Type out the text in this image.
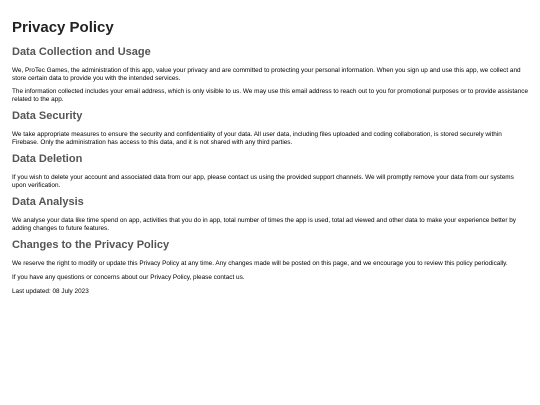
Privacy Policy
Data Collection and Usage

We, ProTec Games, the administration of this app, value your privacy and are committed to protecting your personal information. When you sign up and use this app, we collect and store certain data to provide you with the intended services.

The information collected includes your email address, which is only visible to us. We may use this email address to reach out to you for promotional purposes or to provide assistance related to the app.

Data Security

We take appropriate measures to ensure the security and confidentiality of your data. All user data, including files uploaded and coding collaboration, is stored securely within Firebase. Only the administration has access to this data, and it is not shared with any third parties.

Data Deletion

If you wish to delete your account and associated data from our app, please contact us using the provided support channels. We will promptly remove your data from our systems upon verification.

Data Analysis

We analyse your data like time spend on app, activities that you do in app, total number of times the app is used, total ad viewed and other data to make your experience better by adding changes to future features.

Changes to the Privacy Policy

We reserve the right to modify or update this Privacy Policy at any time. Any changes made will be posted on this page, and we encourage you to review this policy periodically.

If you have any questions or concerns about our Privacy Policy, please contact us.

Last updated: 08 July 2023
